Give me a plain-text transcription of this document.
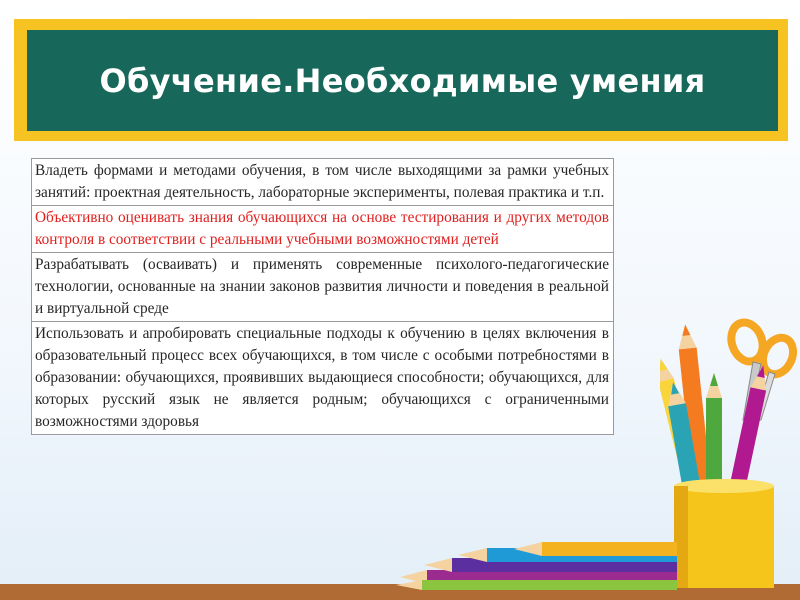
Обучение.Необходимые умения
Владеть формами и методами обучения, в том числе выходящими за рамки учебных занятий: проектная деятельность, лабораторные эксперименты, полевая практика и т.п.
Объективно оценивать знания обучающихся на основе тестирования и других методов контроля в соответствии с реальными учебными возможностями детей
Разрабатывать (осваивать) и применять современные психолого-педагогические технологии, основанные на знании законов развития личности и поведения в реальной и виртуальной среде
Использовать и апробировать специальные подходы к обучению в целях включения в образовательный процесс всех обучающихся, в том числе с особыми потребностями в образовании: обучающихся, проявивших выдающиеся способности; обучающихся, для которых русский язык не является родным; обучающихся с ограниченными возможностями здоровья
